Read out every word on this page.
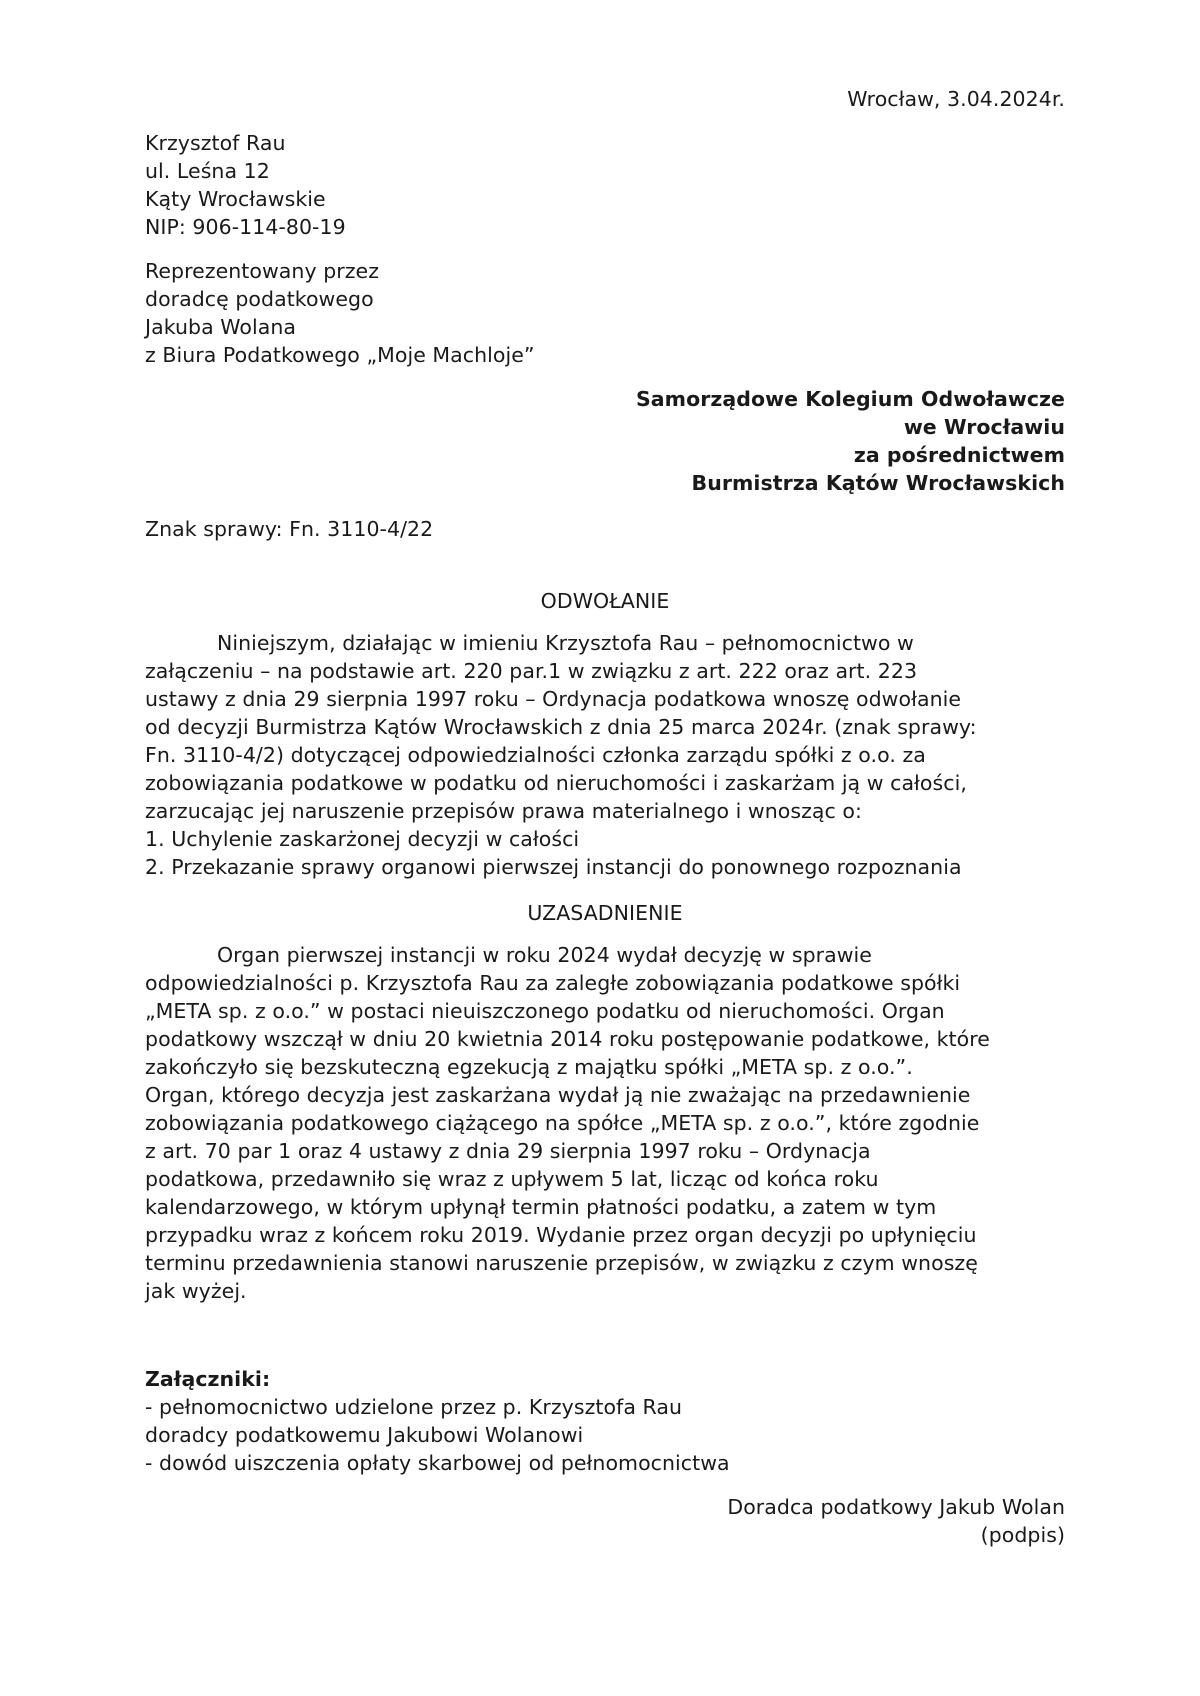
Wrocław, 3.04.2024r.
Krzysztof Rau
ul. Leśna 12
Kąty Wrocławskie
NIP: 906-114-80-19
Reprezentowany przez
doradcę podatkowego
Jakuba Wolana
z Biura Podatkowego „Moje Machloje”
Samorządowe Kolegium Odwoławcze
we Wrocławiu
za pośrednictwem
Burmistrza Kątów Wrocławskich
Znak sprawy: Fn. 3110-4/22
ODWOŁANIE
Niniejszym, działając w imieniu Krzysztofa Rau – pełnomocnictwo w
załączeniu – na podstawie art. 220 par.1 w związku z art. 222 oraz art. 223
ustawy z dnia 29 sierpnia 1997 roku – Ordynacja podatkowa wnoszę odwołanie
od decyzji Burmistrza Kątów Wrocławskich z dnia 25 marca 2024r. (znak sprawy:
Fn. 3110-4/2) dotyczącej odpowiedzialności członka zarządu spółki z o.o. za
zobowiązania podatkowe w podatku od nieruchomości i zaskarżam ją w całości,
zarzucając jej naruszenie przepisów prawa materialnego i wnosząc o:
1. Uchylenie zaskarżonej decyzji w całości
2. Przekazanie sprawy organowi pierwszej instancji do ponownego rozpoznania
UZASADNIENIE
Organ pierwszej instancji w roku 2024 wydał decyzję w sprawie
odpowiedzialności p. Krzysztofa Rau za zaległe zobowiązania podatkowe spółki
„META sp. z o.o.” w postaci nieuiszczonego podatku od nieruchomości. Organ
podatkowy wszczął w dniu 20 kwietnia 2014 roku postępowanie podatkowe, które
zakończyło się bezskuteczną egzekucją z majątku spółki „META sp. z o.o.”.
Organ, którego decyzja jest zaskarżana wydał ją nie zważając na przedawnienie
zobowiązania podatkowego ciążącego na spółce „META sp. z o.o.”, które zgodnie
z art. 70 par 1 oraz 4 ustawy z dnia 29 sierpnia 1997 roku – Ordynacja
podatkowa, przedawniło się wraz z upływem 5 lat, licząc od końca roku
kalendarzowego, w którym upłynął termin płatności podatku, a zatem w tym
przypadku wraz z końcem roku 2019. Wydanie przez organ decyzji po upłynięciu
terminu przedawnienia stanowi naruszenie przepisów, w związku z czym wnoszę
jak wyżej.
Załączniki:
- pełnomocnictwo udzielone przez p. Krzysztofa Rau
doradcy podatkowemu Jakubowi Wolanowi
- dowód uiszczenia opłaty skarbowej od pełnomocnictwa
Doradca podatkowy Jakub Wolan
(podpis)
